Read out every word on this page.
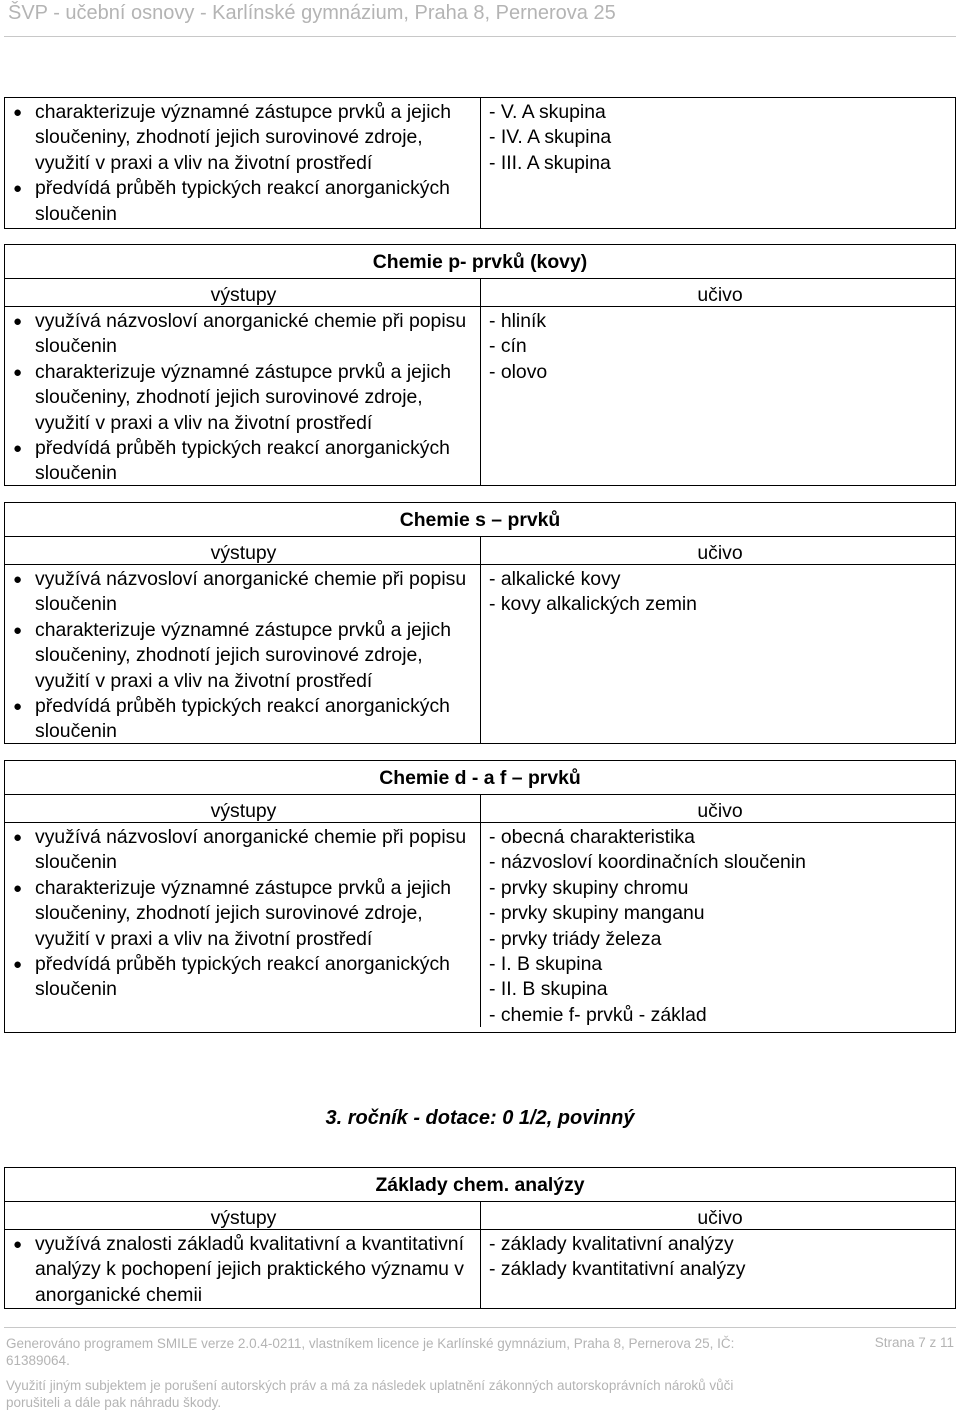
ŠVP - učební osnovy - Karlínské gymnázium, Praha 8, Pernerova 25
● charakterizuje významné zástupce prvků a jejich sloučeniny, zhodnotí jejich surovinové zdroje, využití v praxi a vliv na životní prostředí
● předvídá průběh typických reakcí anorganických sloučenin
- V. A skupina
- IV. A skupina
- III. A skupina
Chemie p- prvků (kovy)
výstupy	učivo
● využívá názvosloví anorganické chemie při popisu sloučenin
● charakterizuje významné zástupce prvků a jejich sloučeniny, zhodnotí jejich surovinové zdroje, využití v praxi a vliv na životní prostředí
● předvídá průběh typických reakcí anorganických sloučenin
- hliník
- cín
- olovo
Chemie s – prvků
výstupy	učivo
● využívá názvosloví anorganické chemie při popisu sloučenin
● charakterizuje významné zástupce prvků a jejich sloučeniny, zhodnotí jejich surovinové zdroje, využití v praxi a vliv na životní prostředí
● předvídá průběh typických reakcí anorganických sloučenin
- alkalické kovy
- kovy alkalických zemin
Chemie d - a f – prvků
výstupy	učivo
● využívá názvosloví anorganické chemie při popisu sloučenin
● charakterizuje významné zástupce prvků a jejich sloučeniny, zhodnotí jejich surovinové zdroje, využití v praxi a vliv na životní prostředí
● předvídá průběh typických reakcí anorganických sloučenin
- obecná charakteristika
- názvosloví koordinačních sloučenin
- prvky skupiny chromu
- prvky skupiny manganu
- prvky triády železa
- I. B skupina
- II. B skupina
- chemie f- prvků - základ
3. ročník - dotace: 0 1/2, povinný
Základy chem. analýzy
výstupy	učivo
● využívá znalosti základů kvalitativní a kvantitativní analýzy k pochopení jejich praktického významu v anorganické chemii
- základy kvalitativní analýzy
- základy kvantitativní analýzy
Generováno programem SMILE verze 2.0.4-0211, vlastníkem licence je Karlínské gymnázium, Praha 8, Pernerova 25, IČ: 61389064.
Strana 7 z 11
Využití jiným subjektem je porušení autorských práv a má za následek uplatnění zákonných autorskoprávních nároků vůči porušiteli a dále pak náhradu škody.
